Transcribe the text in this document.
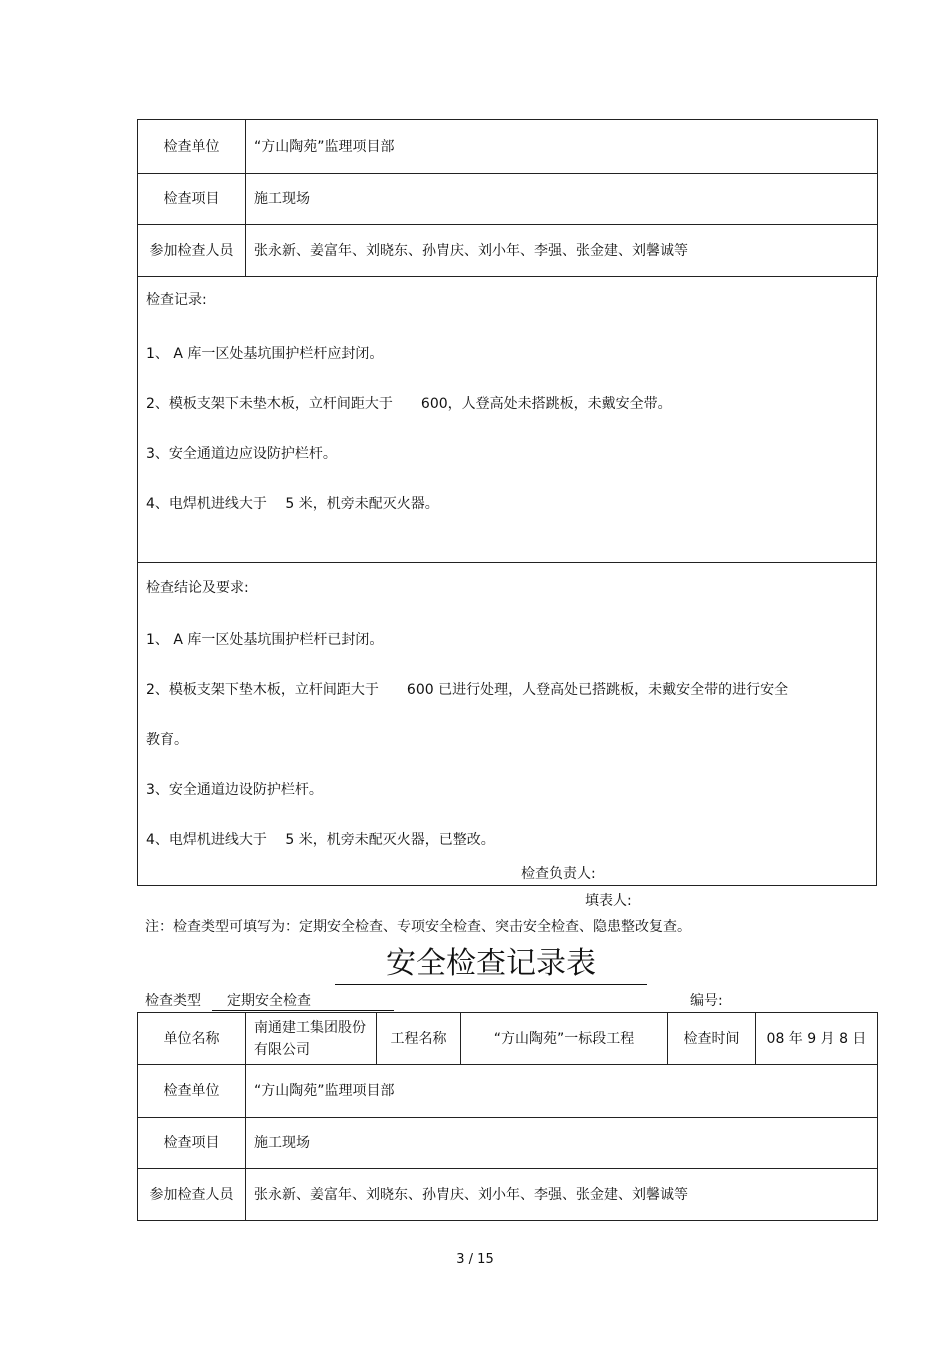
检查单位	“方山陶苑”监理项目部
检查项目	施工现场
参加检查人员	张永新、姜富年、刘晓东、孙胄庆、刘小年、李强、张金建、刘馨诚等
检查记录:
1、 A 库一区处基坑围护栏杆应封闭。
2、模板支架下未垫木板，立杆间距大于　　600，人登高处未搭跳板，未戴安全带。
3、安全通道边应设防护栏杆。
4、电焊机进线大于　 5 米，机旁未配灭火器。
检查结论及要求:
1、 A 库一区处基坑围护栏杆已封闭。
2、模板支架下垫木板，立杆间距大于　　600 已进行处理，人登高处已搭跳板，未戴安全带的进行安全
教育。
3、安全通道边设防护栏杆。
4、电焊机进线大于　 5 米，机旁未配灭火器，已整改。
检查负责人:
填表人:
注：检查类型可填写为：定期安全检查、专项安全检查、突击安全检查、隐患整改复查。
安全检查记录表
检查类型	定期安全检查	编号:
单位名称	南通建工集团股份有限公司	工程名称	“方山陶苑”一标段工程	检查时间	08 年 9 月 8 日
检查单位	“方山陶苑”监理项目部				
检查项目	施工现场				
参加检查人员	张永新、姜富年、刘晓东、孙胄庆、刘小年、李强、张金建、刘馨诚等				
3 / 15
